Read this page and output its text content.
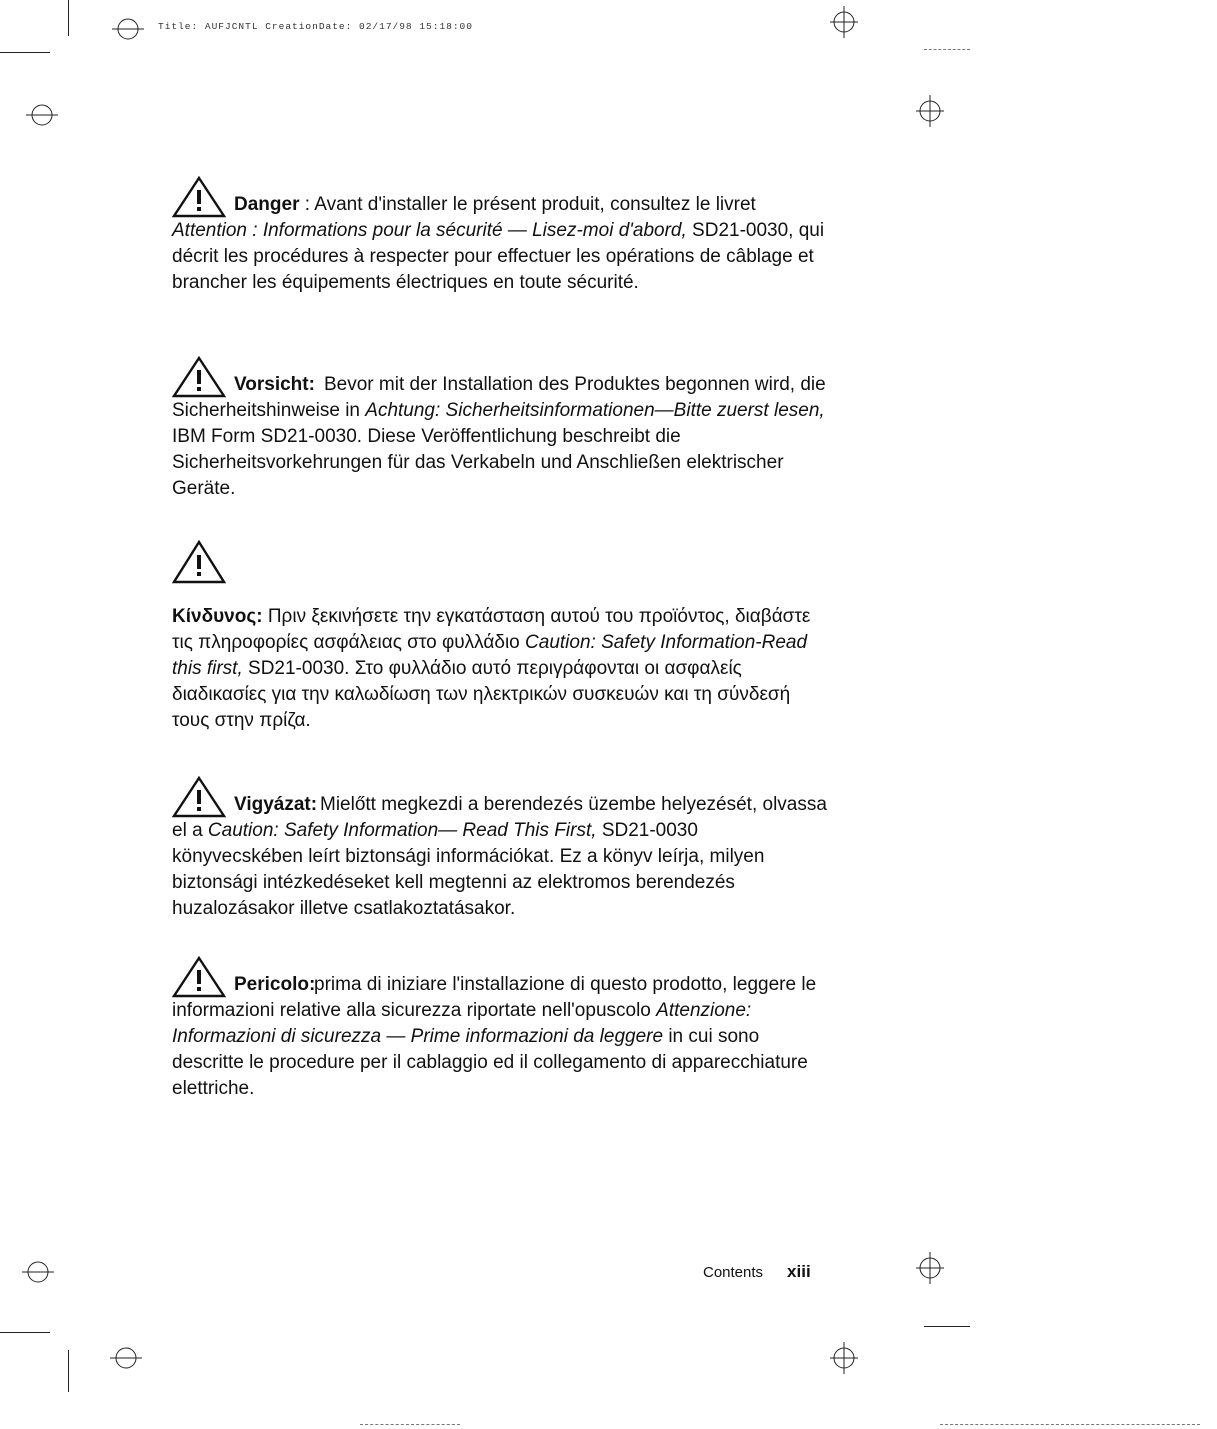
Title: AUFJCNTL CreationDate: 02/17/98 15:18:00
Danger : Avant d'installer le présent produit, consultez le livret
Attention : Informations pour la sécurité — Lisez-moi d'abord, SD21-0030, qui décrit les procédures à respecter pour effectuer les opérations de câblage et brancher les équipements électriques en toute sécurité.
Vorsicht: Bevor mit der Installation des Produktes begonnen wird, die Sicherheitshinweise in Achtung: Sicherheitsinformationen—Bitte zuerst lesen, IBM Form SD21-0030. Diese Veröffentlichung beschreibt die Sicherheitsvorkehrungen für das Verkabeln und Anschließen elektrischer Geräte.
Κίνδυνος: Πριν ξεκινήσετε την εγκατάσταση αυτού του προϊόντος, διαβάστε τις πληροφορίες ασφάλειας στο φυλλάδιο Caution: Safety Information-Read this first, SD21-0030. Στο φυλλάδιο αυτό περιγράφονται οι ασφαλείς διαδικασίες για την καλωδίωση των ηλεκτρικών συσκευών και τη σύνδεσή τους στην πρίζα.
Vigyázat: Mielőtt megkezdi a berendezés üzembe helyezését, olvassa el a Caution: Safety Information— Read This First, SD21-0030 könyvecskében leírt biztonsági információkat. Ez a könyv leírja, milyen biztonsági intézkedéseket kell megtenni az elektromos berendezés huzalozásakor illetve csatlakoztatásakor.
Pericolo:
prima di iniziare l'installazione di questo prodotto, leggere le informazioni relative alla sicurezza riportate nell'opuscolo Attenzione: Informazioni di sicurezza — Prime informazioni da leggere in cui sono descritte le procedure per il cablaggio ed il collegamento di apparecchiature elettriche.
Contents xiii
